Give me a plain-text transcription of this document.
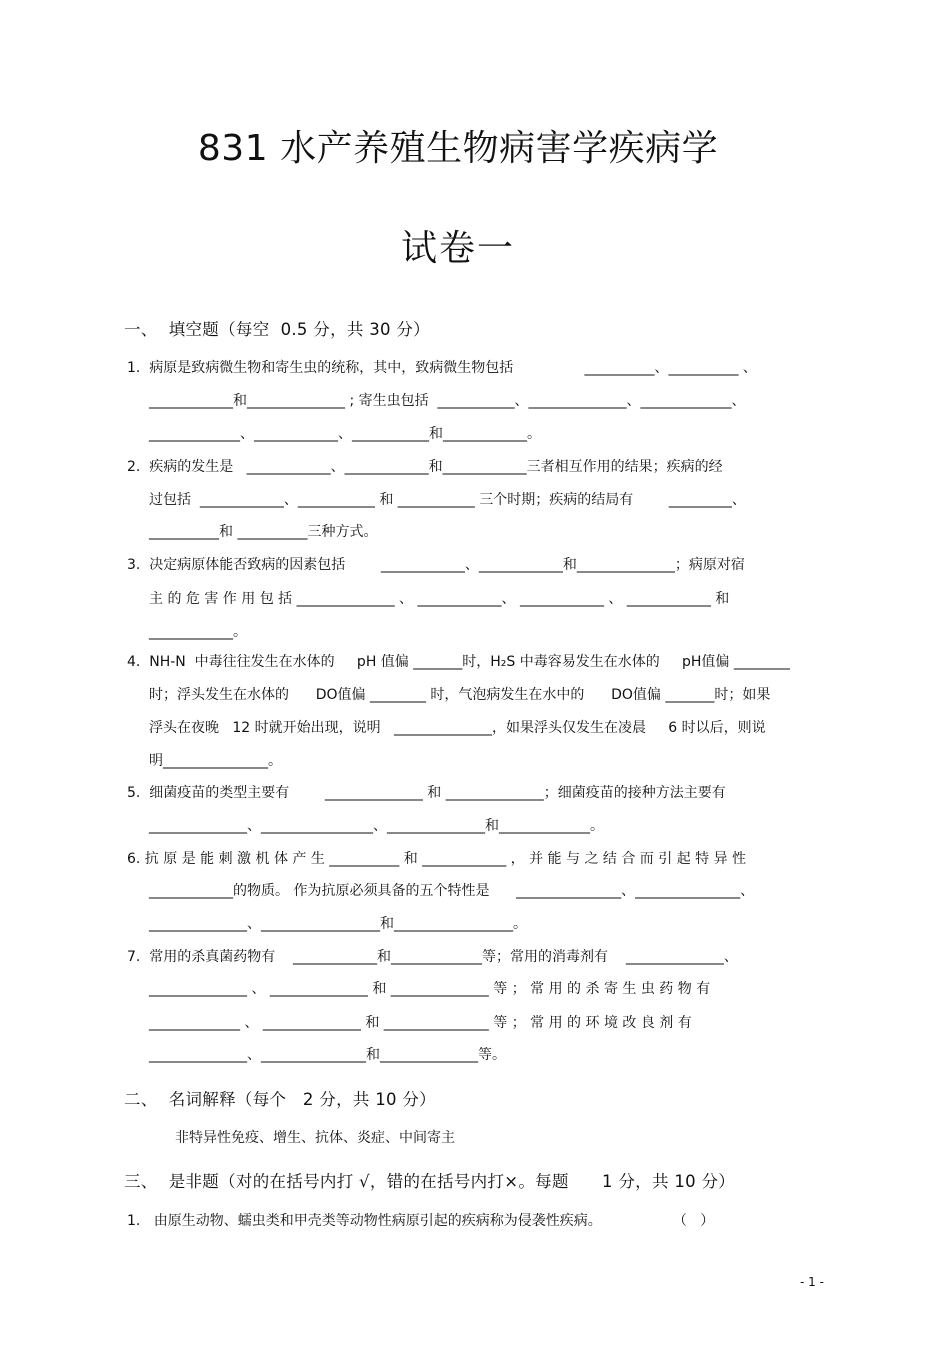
831 水产养殖生物病害学疾病学
试卷一
一、  填空题（每空  0.5 分，共 30 分）
1.  病原是致病微生物和寄生虫的统称，其中，致病微生物包括                __________、__________ 、
____________和______________ ; 寄生虫包括  ___________、______________、_____________、
_____________、____________、___________和____________。
2.  疾病的发生是   ____________、____________和____________三者相互作用的结果；疾病的经
过包括  ____________、___________ 和 ___________ 三个时期；疾病的结局有        _________、
__________和 __________三种方式。
3.  决定病原体能否致病的因素包括        ____________、____________和______________；病原对宿
主 的 危 害 作 用 包 括 ______________ 、 ____________、 ____________ 、 ____________ 和
____________。
4.  NH-N  中毒往往发生在水体的     pH 值偏 _______时，H₂S 中毒容易发生在水体的     pH值偏 ________
时；浮头发生在水体的      DO值偏 ________ 时，气泡病发生在水中的      DO值偏 _______时；如果
浮头在夜晚   12 时就开始出现，说明   ______________，如果浮头仅发生在凌晨     6 时以后，则说
明_______________。
5.  细菌疫苗的类型主要有        ______________ 和 ______________；细菌疫苗的接种方法主要有
______________、________________、______________和_____________。
6. 抗 原 是 能 刺 激 机 体 产 生 __________ 和 ____________ ， 并 能 与 之 结 合 而 引 起 特 异 性
____________的物质。 作为抗原必须具备的五个特性是      _______________、_______________、
______________、_________________和_________________。
7.  常用的杀真菌药物有    ____________和_____________等；常用的消毒剂有    ______________、
______________ 、 ______________ 和 ______________ 等 ； 常 用 的 杀 寄 生 虫 药 物 有
_____________ 、 ______________ 和 _______________ 等 ； 常 用 的 环 境 改 良 剂 有
______________、_______________和______________等。
二、  名词解释（每个   2 分，共 10 分）
非特异性免疫、增生、抗体、炎症、中间寄主
三、  是非题（对的在括号内打 √，错的在括号内打×。每题      1 分，共 10 分）
1.   由原生动物、蠕虫类和甲壳类等动物性病原引起的疾病称为侵袭性疾病。                （   ）
- 1 -
